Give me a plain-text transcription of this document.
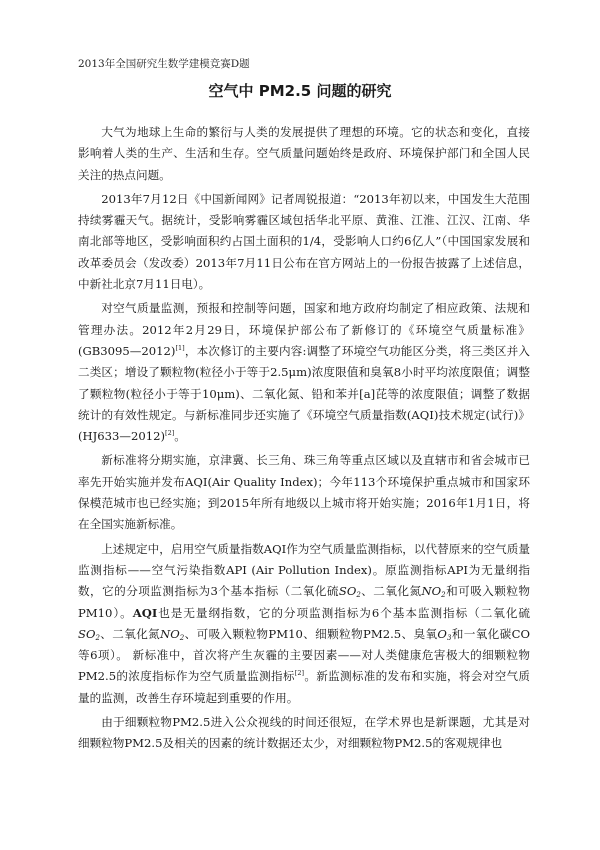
2013年全国研究生数学建模竞赛D题
空气中 PM2.5 问题的研究

大气为地球上生命的繁衍与人类的发展提供了理想的环境。它的状态和变化，直接影响着人类的生产、生活和生存。空气质量问题始终是政府、环境保护部门和全国人民关注的热点问题。

2013年7月12日《中国新闻网》记者周锐报道：“2013年初以来，中国发生大范围持续雾霾天气。据统计，受影响雾霾区域包括华北平原、黄淮、江淮、江汉、江南、华南北部等地区，受影响面积约占国土面积的1/4，受影响人口约6亿人”（中国国家发展和改革委员会（发改委）2013年7月11日公布在官方网站上的一份报告披露了上述信息，中新社北京7月11日电）。

对空气质量监测，预报和控制等问题，国家和地方政府均制定了相应政策、法规和管理办法。2012年2月29日，环境保护部公布了新修订的《环境空气质量标准》(GB3095—2012)[1]，本次修订的主要内容:调整了环境空气功能区分类，将三类区并入二类区；增设了颗粒物(粒径小于等于2.5μm)浓度限值和臭氧8小时平均浓度限值；调整了颗粒物(粒径小于等于10μm)、二氧化氮、铅和苯并[a]芘等的浓度限值；调整了数据统计的有效性规定。与新标准同步还实施了《环境空气质量指数(AQI)技术规定(试行)》 (HJ633—2012)[2]。

新标准将分期实施，京津冀、长三角、珠三角等重点区域以及直辖市和省会城市已率先开始实施并发布AQI(Air Quality Index)；今年113个环境保护重点城市和国家环保模范城市也已经实施；到2015年所有地级以上城市将开始实施；2016年1月1日，将在全国实施新标准。

上述规定中，启用空气质量指数AQI作为空气质量监测指标，以代替原来的空气质量监测指标——空气污染指数API (Air Pollution Index)。原监测指标API为无量纲指数，它的分项监测指标为3个基本指标（二氧化硫$SO_2$、二氧化氮$NO_2$和可吸入颗粒物PM10）。AQI也是无量纲指数，它的分项监测指标为6个基本监测指标（二氧化硫$SO_2$、二氧化氮$NO_2$、可吸入颗粒物PM10、细颗粒物PM2.5、臭氧$O_3$和一氧化碳CO等6项）。 新标准中，首次将产生灰霾的主要因素——对人类健康危害极大的细颗粒物PM2.5的浓度指标作为空气质量监测指标[2]。新监测标准的发布和实施，将会对空气质量的监测，改善生存环境起到重要的作用。

由于细颗粒物PM2.5进入公众视线的时间还很短，在学术界也是新课题，尤其是对细颗粒物PM2.5及相关的因素的统计数据还太少，对细颗粒物PM2.5的客观规律也
